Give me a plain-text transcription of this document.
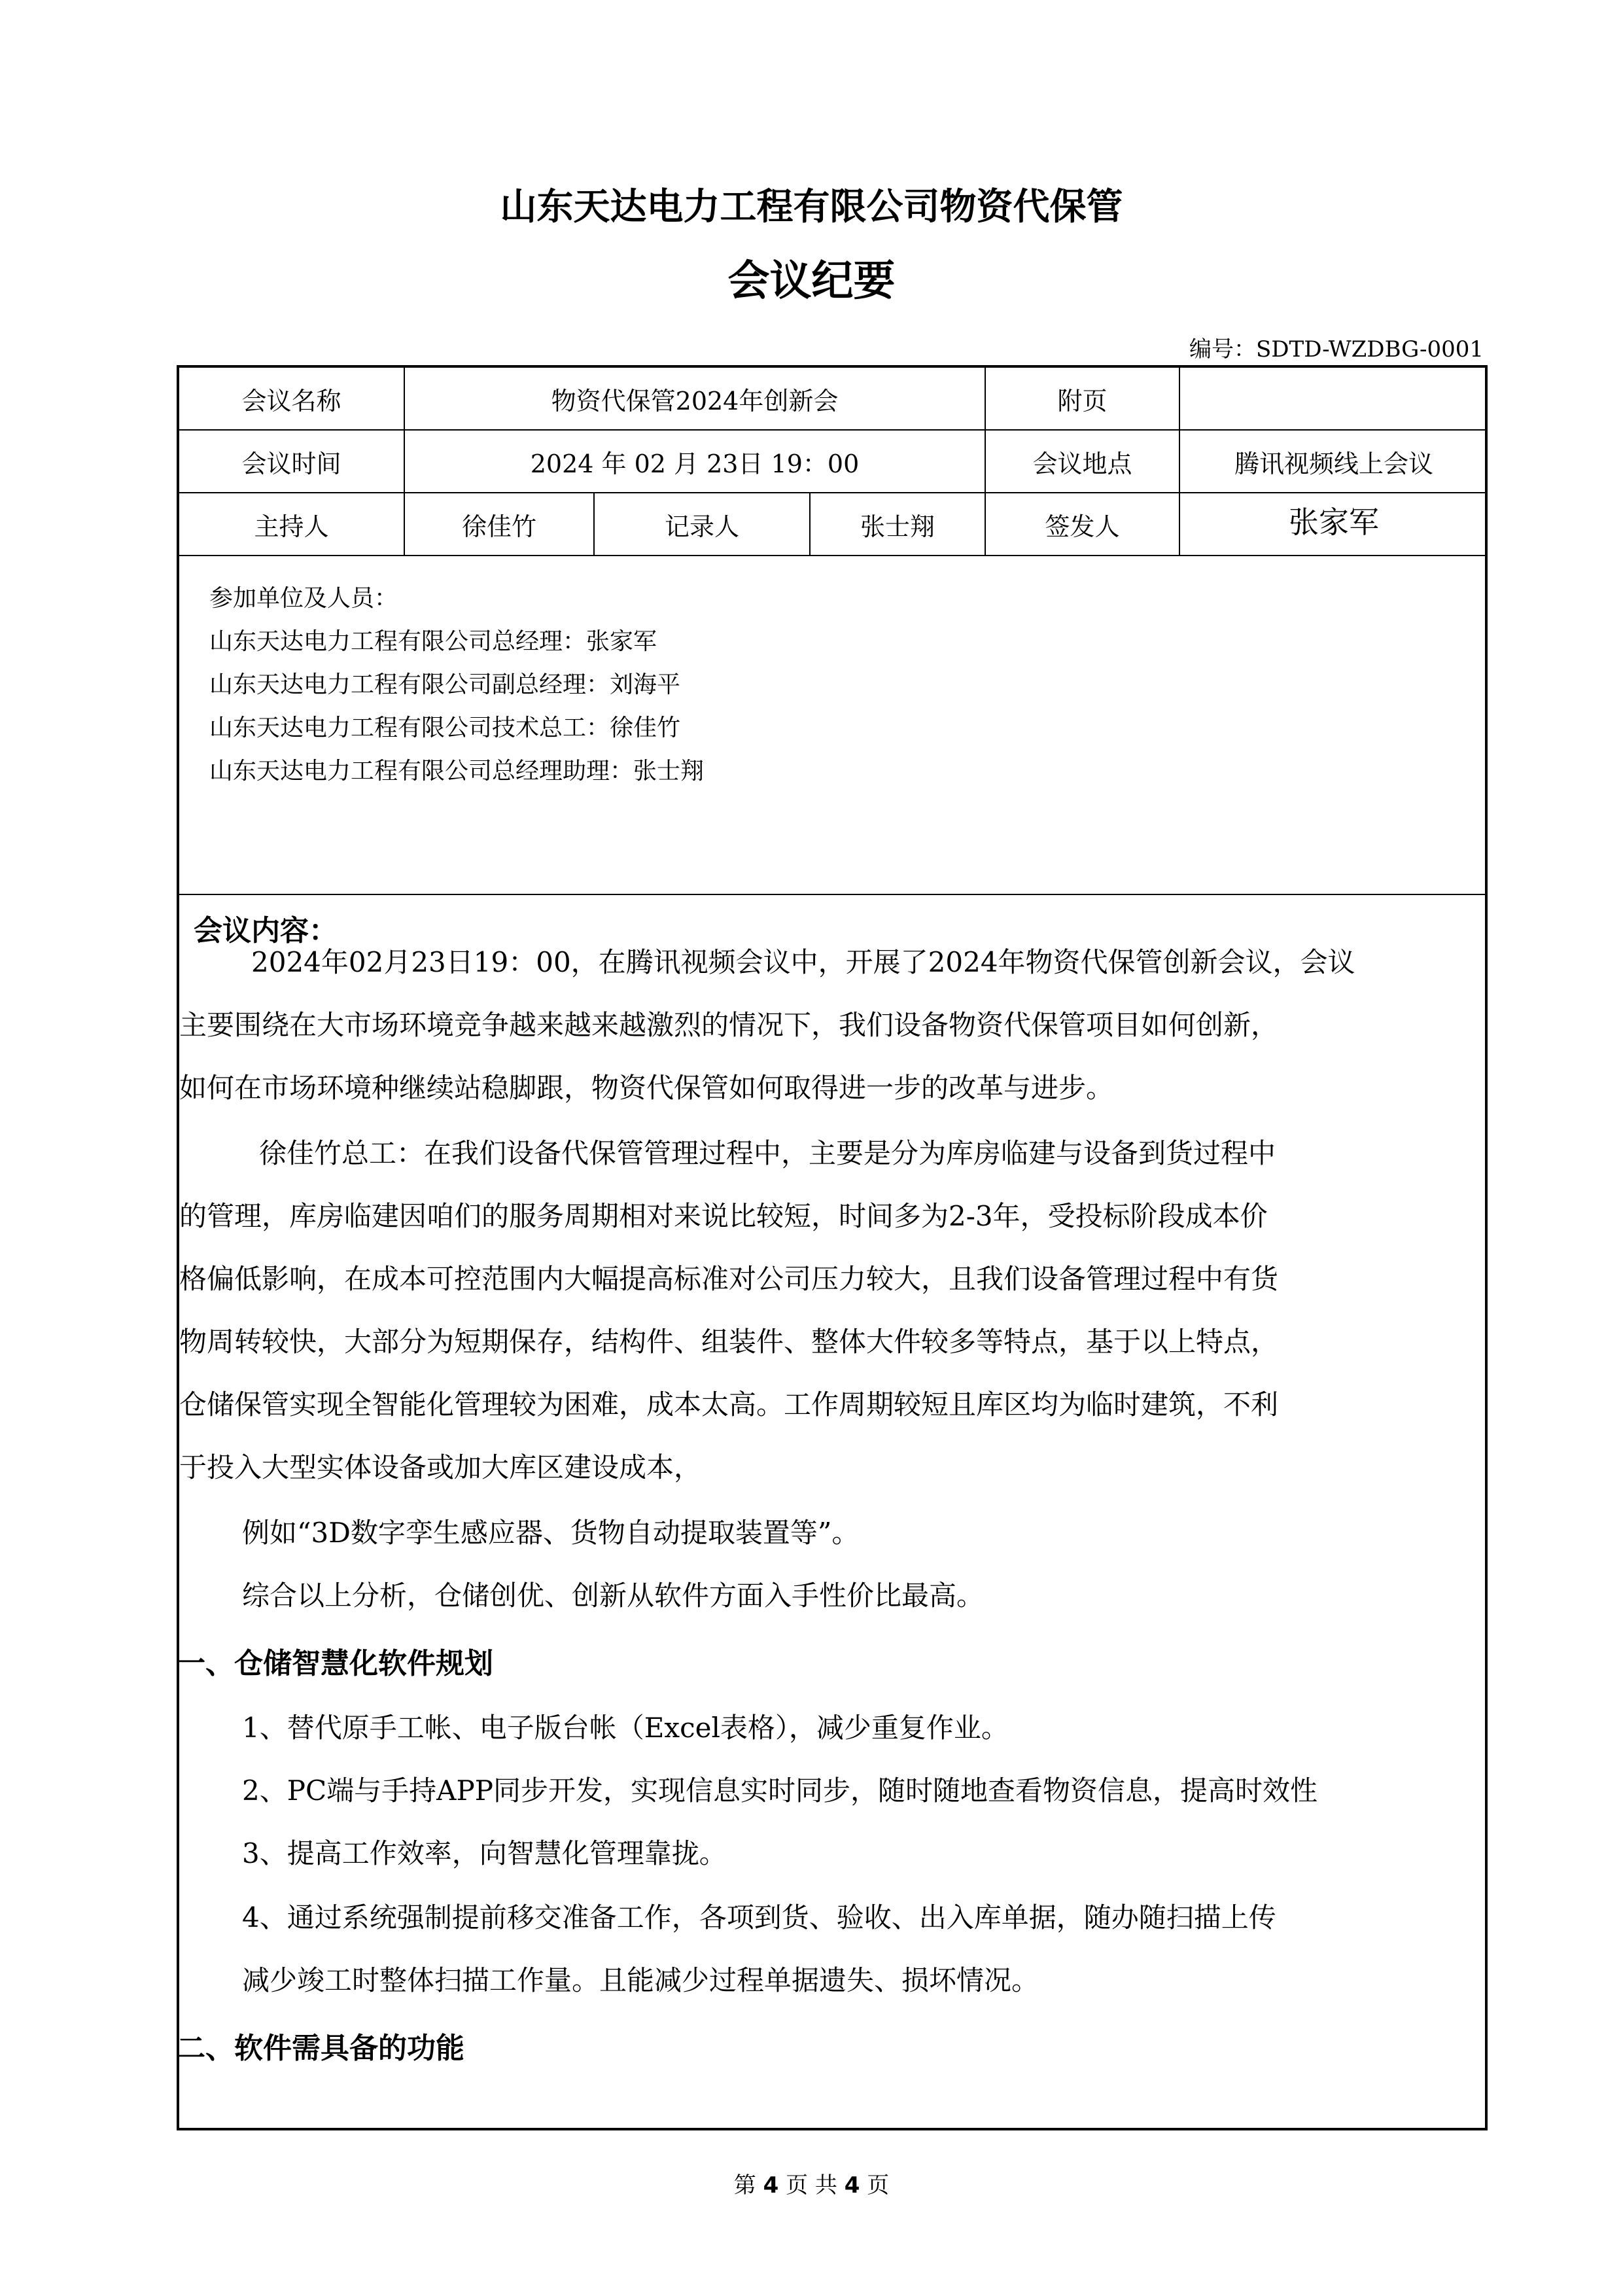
山东天达电力工程有限公司物资代保管
会议纪要
编号：SDTD-WZDBG-0001
会议名称	物资代保管2024年创新会	附页
会议时间	2024 年 02 月 23日 19：00	会议地点	腾讯视频线上会议
主持人	徐佳竹	记录人	张士翔	签发人	张家军
参加单位及人员：
山东天达电力工程有限公司总经理：张家军
山东天达电力工程有限公司副总经理：刘海平
山东天达电力工程有限公司技术总工：徐佳竹
山东天达电力工程有限公司总经理助理：张士翔
会议内容：
2024年02月23日19：00，在腾讯视频会议中，开展了2024年物资代保管创新会议，会议
主要围绕在大市场环境竞争越来越来越激烈的情况下，我们设备物资代保管项目如何创新，
如何在市场环境种继续站稳脚跟，物资代保管如何取得进一步的改革与进步。
徐佳竹总工：在我们设备代保管管理过程中，主要是分为库房临建与设备到货过程中
的管理，库房临建因咱们的服务周期相对来说比较短，时间多为2-3年，受投标阶段成本价
格偏低影响，在成本可控范围内大幅提高标准对公司压力较大，且我们设备管理过程中有货
物周转较快，大部分为短期保存，结构件、组装件、整体大件较多等特点，基于以上特点，
仓储保管实现全智能化管理较为困难，成本太高。工作周期较短且库区均为临时建筑，不利
于投入大型实体设备或加大库区建设成本，
例如“3D数字孪生感应器、货物自动提取装置等”。
综合以上分析，仓储创优、创新从软件方面入手性价比最高。
一、仓储智慧化软件规划
1、替代原手工帐、电子版台帐（Excel表格），减少重复作业。
2、PC端与手持APP同步开发，实现信息实时同步，随时随地查看物资信息，提高时效性
3、提高工作效率，向智慧化管理靠拢。
4、通过系统强制提前移交准备工作，各项到货、验收、出入库单据，随办随扫描上传
减少竣工时整体扫描工作量。且能减少过程单据遗失、损坏情况。
二、软件需具备的功能
第 4 页 共 4 页
